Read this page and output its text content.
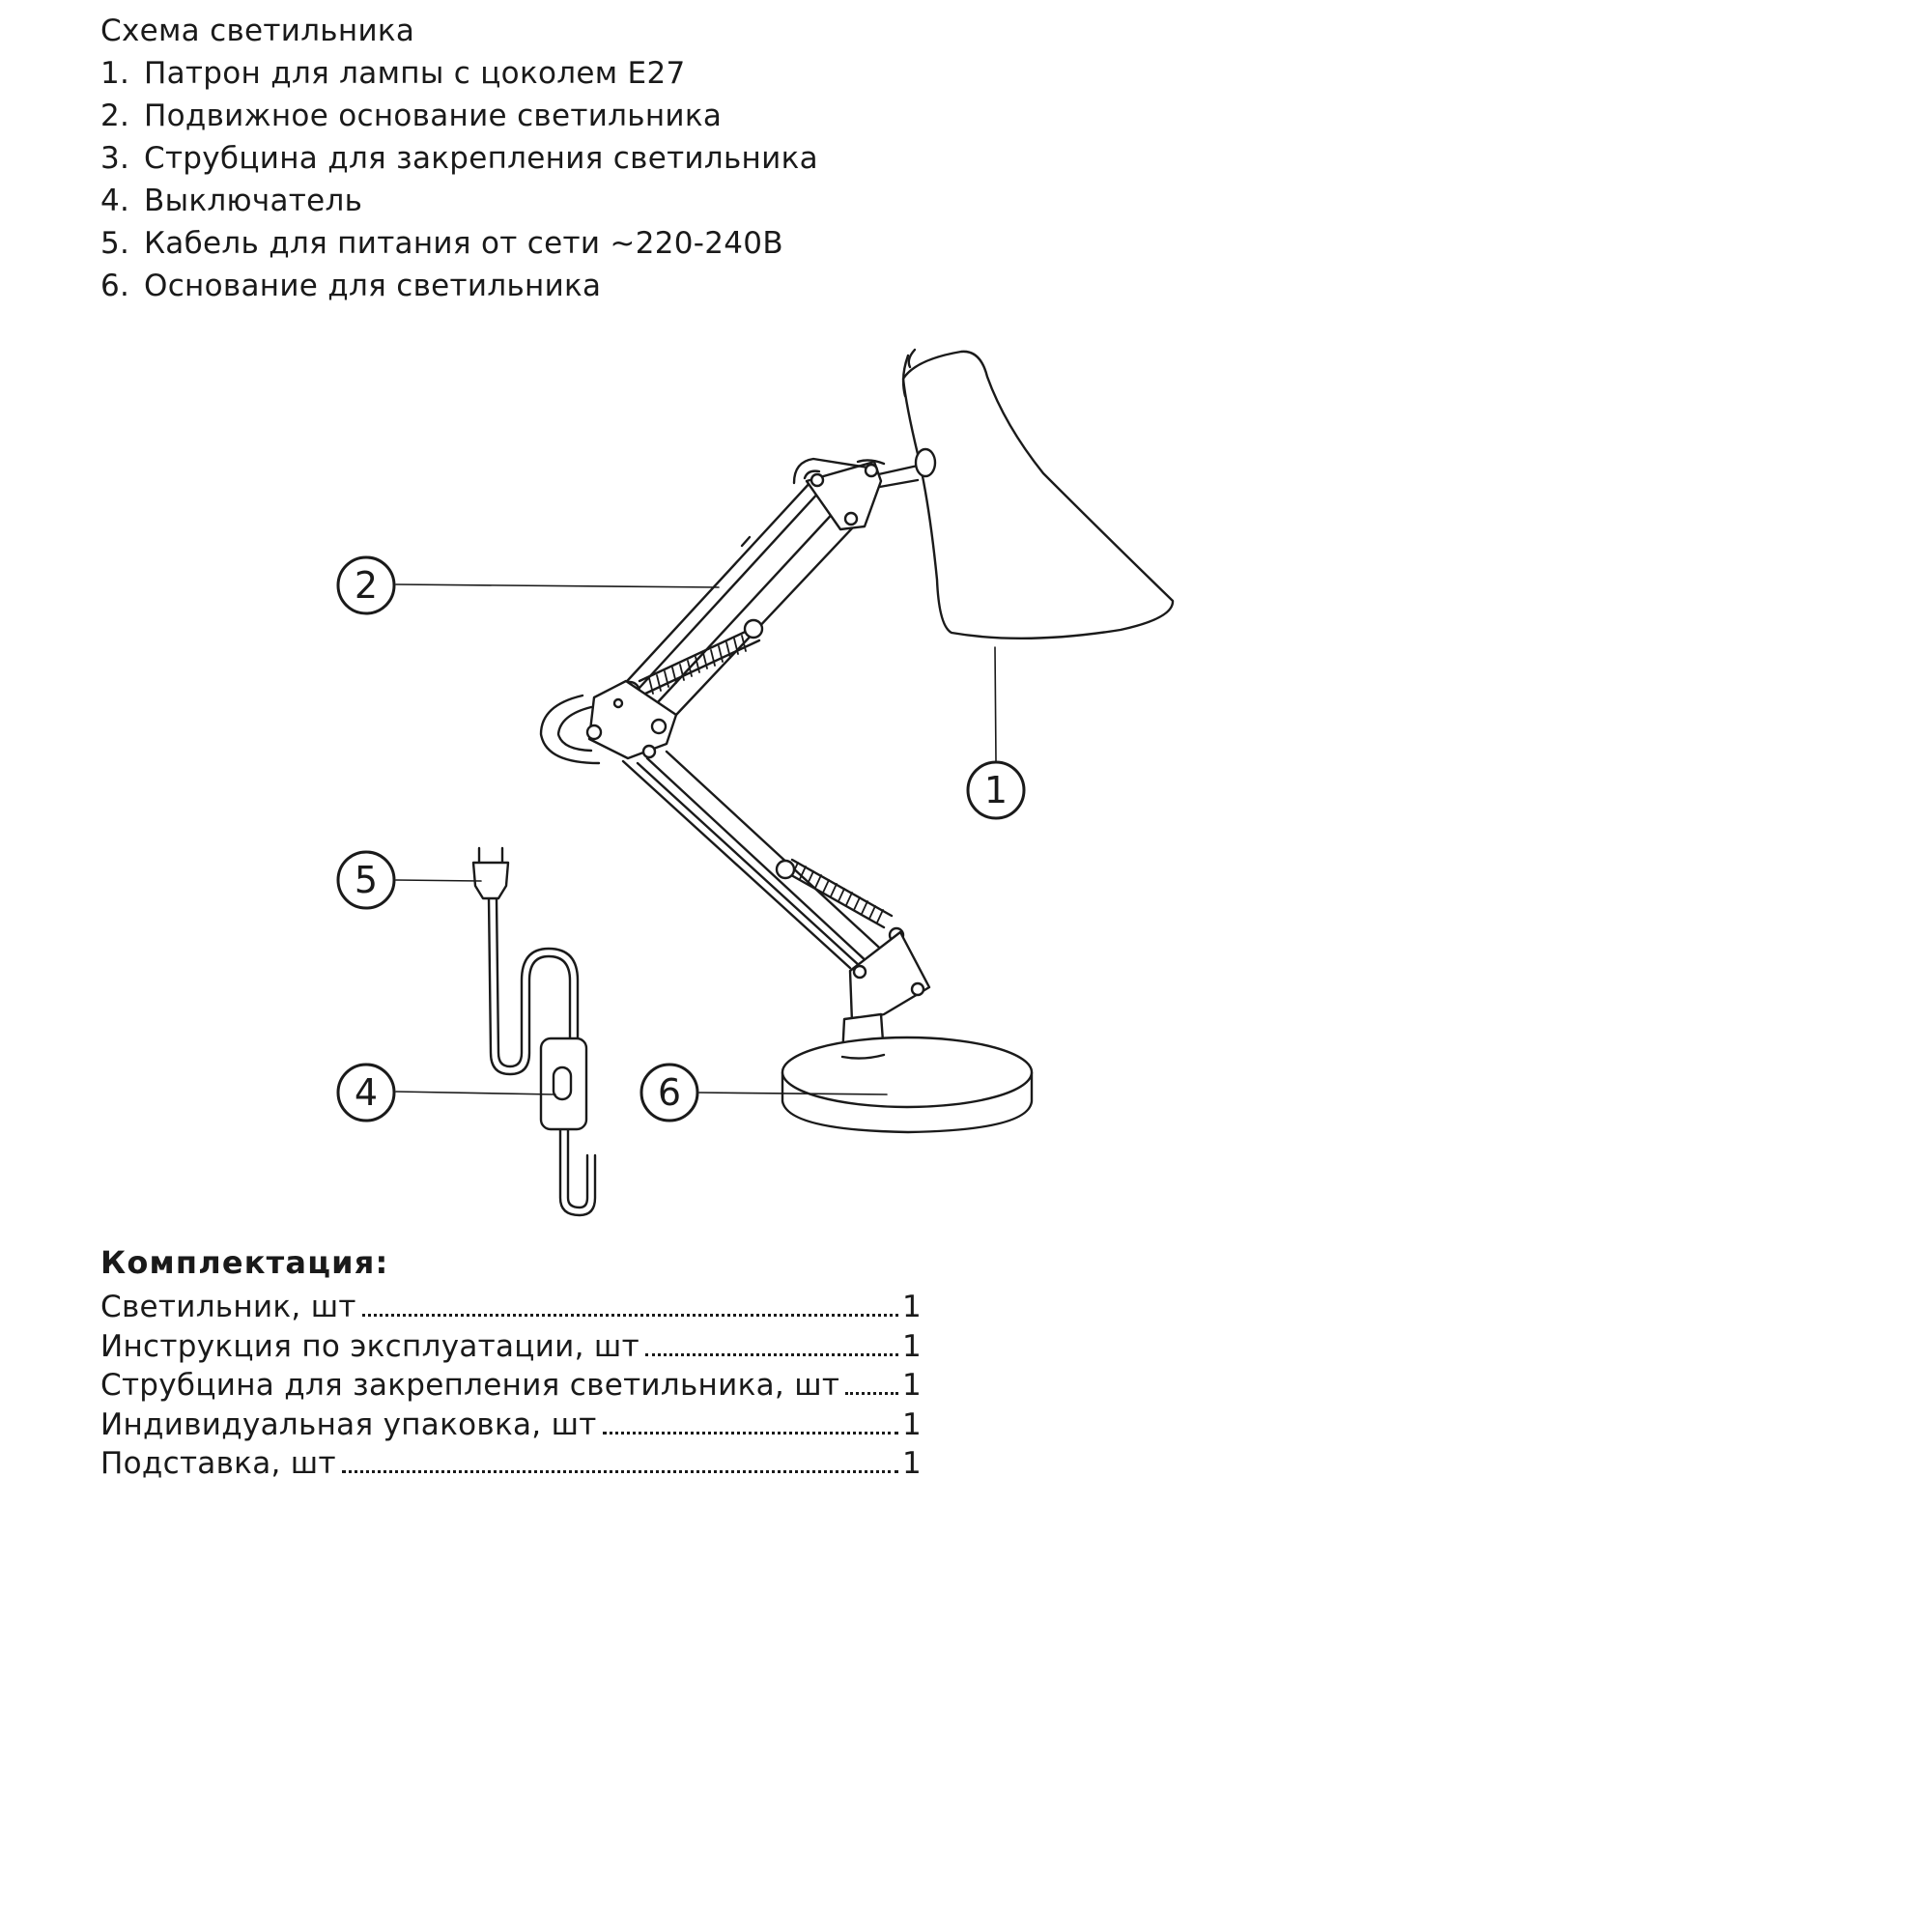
Схема светильника
1. Патрон для лампы с цоколем Е27
2. Подвижное основание светильника
3. Струбцина для закрепления светильника
4. Выключатель
5. Кабель для питания от сети ~220-240В
6. Основание для светильника
2
1
5
4	6
Комплектация:
Светильник, шт	1
Инструкция по эксплуатации, шт	1
Струбцина для закрепления светильника, шт 1
Индивидуальная упаковка, шт	1
Подставка, шт	1
